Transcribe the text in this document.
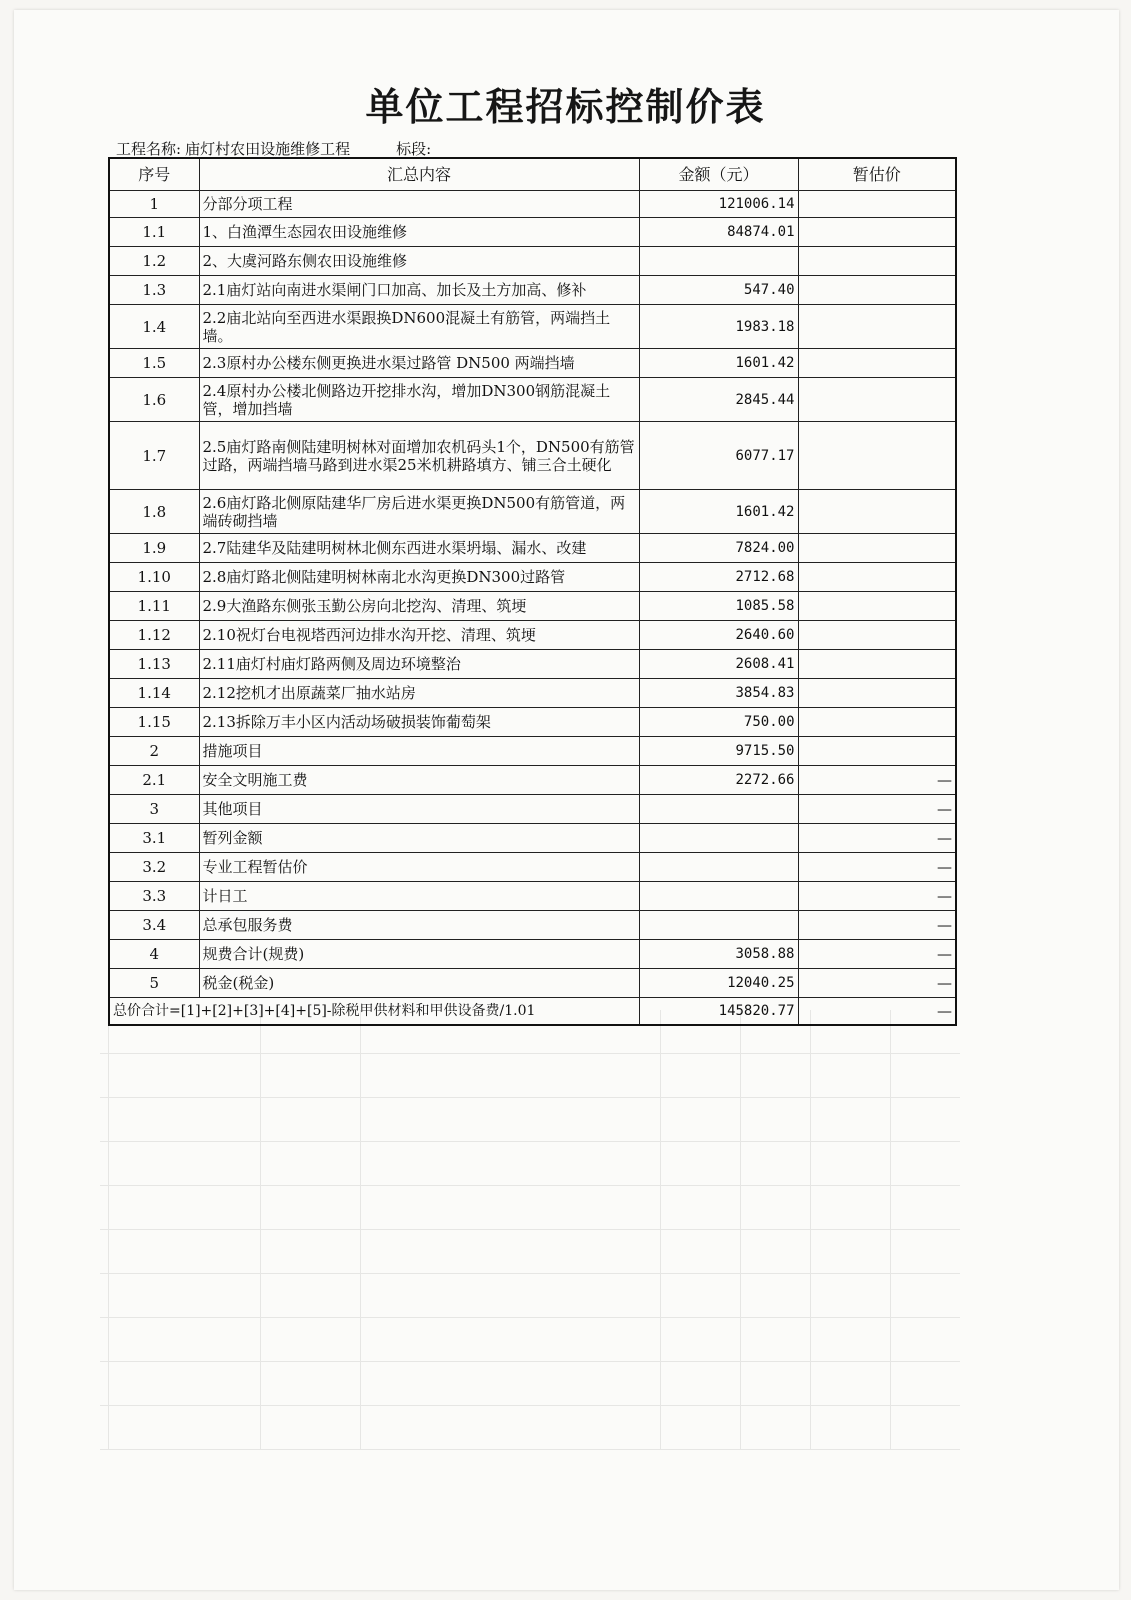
单位工程招标控制价表
工程名称: 庙灯村农田设施维修工程	标段:
序号	汇总内容	金额（元）	暂估价
1	分部分项工程	121006.14	
1.1	1、白渔潭生态园农田设施维修	84874.01	
1.2	2、大虞河路东侧农田设施维修		
1.3	2.1庙灯站向南进水渠闸门口加高、加长及土方加高、修补	547.40	
1.4	2.2庙北站向至西进水渠跟换DN600混凝土有筋管，两端挡土墙。	1983.18	
1.5	2.3原村办公楼东侧更换进水渠过路管 DN500 两端挡墙	1601.42	
1.6	2.4原村办公楼北侧路边开挖排水沟，增加DN300钢筋混凝土管，增加挡墙	2845.44	
1.7	2.5庙灯路南侧陆建明树林对面增加农机码头1个，DN500有筋管过路，两端挡墙马路到进水渠25米机耕路填方、铺三合土硬化	6077.17	
1.8	2.6庙灯路北侧原陆建华厂房后进水渠更换DN500有筋管道，两端砖砌挡墙	1601.42	
1.9	2.7陆建华及陆建明树林北侧东西进水渠坍塌、漏水、改建	7824.00	
1.10	2.8庙灯路北侧陆建明树林南北水沟更换DN300过路管	2712.68	
1.11	2.9大渔路东侧张玉勤公房向北挖沟、清理、筑埂	1085.58	
1.12	2.10祝灯台电视塔西河边排水沟开挖、清理、筑埂	2640.60	
1.13	2.11庙灯村庙灯路两侧及周边环境整治	2608.41	
1.14	2.12挖机才出原蔬菜厂抽水站房	3854.83	
1.15	2.13拆除万丰小区内活动场破损装饰葡萄架	750.00	
2	措施项目	9715.50	
2.1	安全文明施工费	2272.66	—
3	其他项目		—
3.1	暂列金额		—
3.2	专业工程暂估价		—
3.3	计日工		—
3.4	总承包服务费		—
4	规费合计(规费)	3058.88	—
5	税金(税金)	12040.25	—
总价合计=[1]+[2]+[3]+[4]+[5]-除税甲供材料和甲供设备费/1.01		145820.77	—
